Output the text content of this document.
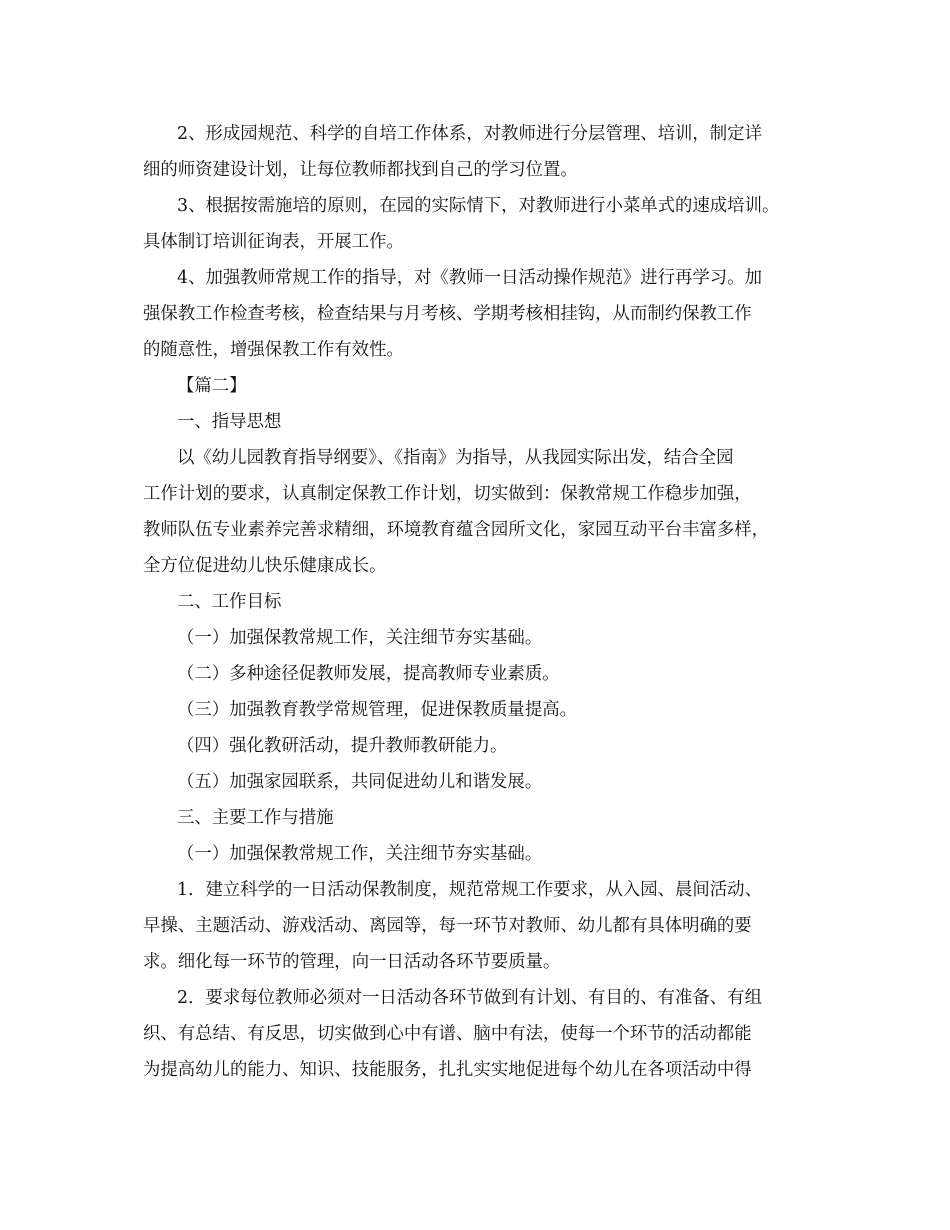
2、形成园规范、科学的自培工作体系，对教师进行分层管理、培训，制定详
细的师资建设计划，让每位教师都找到自己的学习位置。
3、根据按需施培的原则，在园的实际情下，对教师进行小菜单式的速成培训。
具体制订培训征询表，开展工作。
4、加强教师常规工作的指导，对《教师一日活动操作规范》进行再学习。加
强保教工作检查考核，检查结果与月考核、学期考核相挂钩，从而制约保教工作
的随意性，增强保教工作有效性。
【篇二】
一、指导思想
以《幼儿园教育指导纲要》、《指南》为指导，从我园实际出发，结合全园
工作计划的要求，认真制定保教工作计划，切实做到：保教常规工作稳步加强，
教师队伍专业素养完善求精细，环境教育蕴含园所文化，家园互动平台丰富多样，
全方位促进幼儿快乐健康成长。
二、工作目标
（一）加强保教常规工作，关注细节夯实基础。
（二）多种途径促教师发展，提高教师专业素质。
（三）加强教育教学常规管理，促进保教质量提高。
（四）强化教研活动，提升教师教研能力。
（五）加强家园联系，共同促进幼儿和谐发展。
三、主要工作与措施
（一）加强保教常规工作，关注细节夯实基础。
1．建立科学的一日活动保教制度，规范常规工作要求，从入园、晨间活动、
早操、主题活动、游戏活动、离园等，每一环节对教师、幼儿都有具体明确的要
求。细化每一环节的管理，向一日活动各环节要质量。
2．要求每位教师必须对一日活动各环节做到有计划、有目的、有准备、有组
织、有总结、有反思，切实做到心中有谱、脑中有法，使每一个环节的活动都能
为提高幼儿的能力、知识、技能服务，扎扎实实地促进每个幼儿在各项活动中得
